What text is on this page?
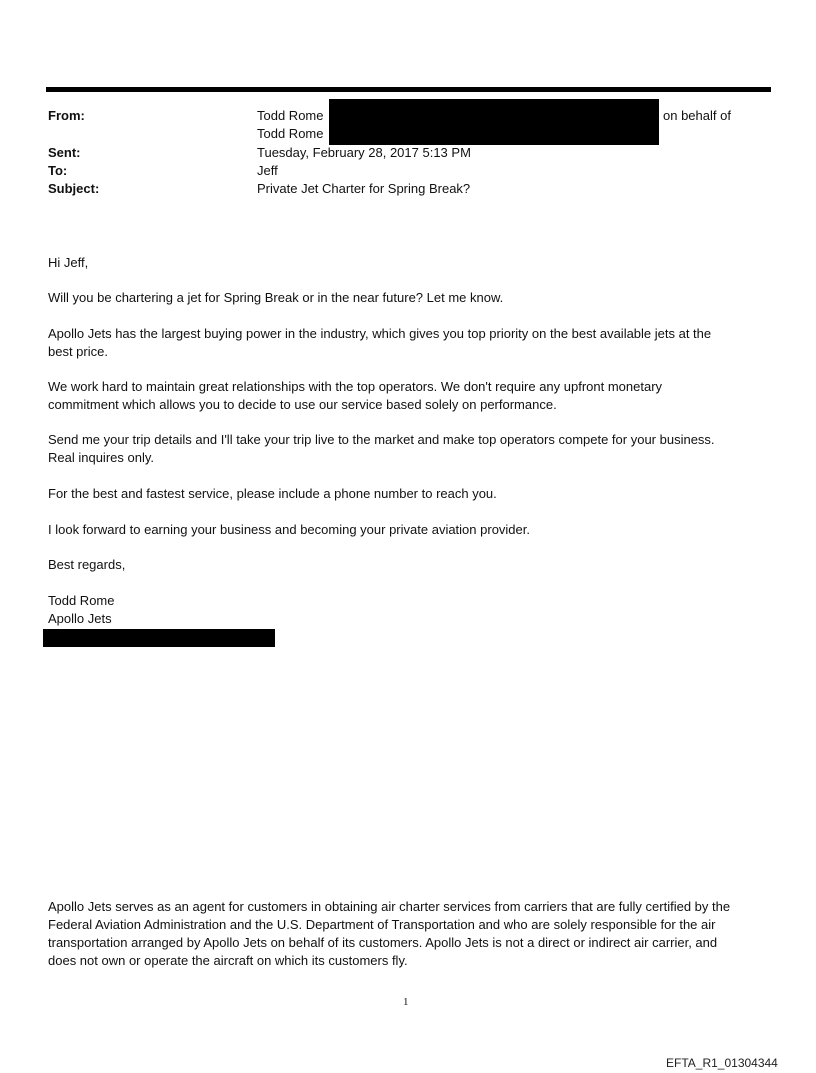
From:	Todd Rome	on behalf of
Todd Rome
Sent:	Tuesday, February 28, 2017 5:13 PM
To:	Jeff
Subject:	Private Jet Charter for Spring Break?
Hi Jeff,
Will you be chartering a jet for Spring Break or in the near future? Let me know.
Apollo Jets has the largest buying power in the industry, which gives you top priority on the best available jets at the
best price.
We work hard to maintain great relationships with the top operators. We don't require any upfront monetary
commitment which allows you to decide to use our service based solely on performance.
Send me your trip details and I'll take your trip live to the market and make top operators compete for your business.
Real inquires only.
For the best and fastest service, please include a phone number to reach you.
I look forward to earning your business and becoming your private aviation provider.
Best regards,
Todd Rome
Apollo Jets
Apollo Jets serves as an agent for customers in obtaining air charter services from carriers that are fully certified by the
Federal Aviation Administration and the U.S. Department of Transportation and who are solely responsible for the air
transportation arranged by Apollo Jets on behalf of its customers. Apollo Jets is not a direct or indirect air carrier, and
does not own or operate the aircraft on which its customers fly.
1
EFTA_R1_01304344
